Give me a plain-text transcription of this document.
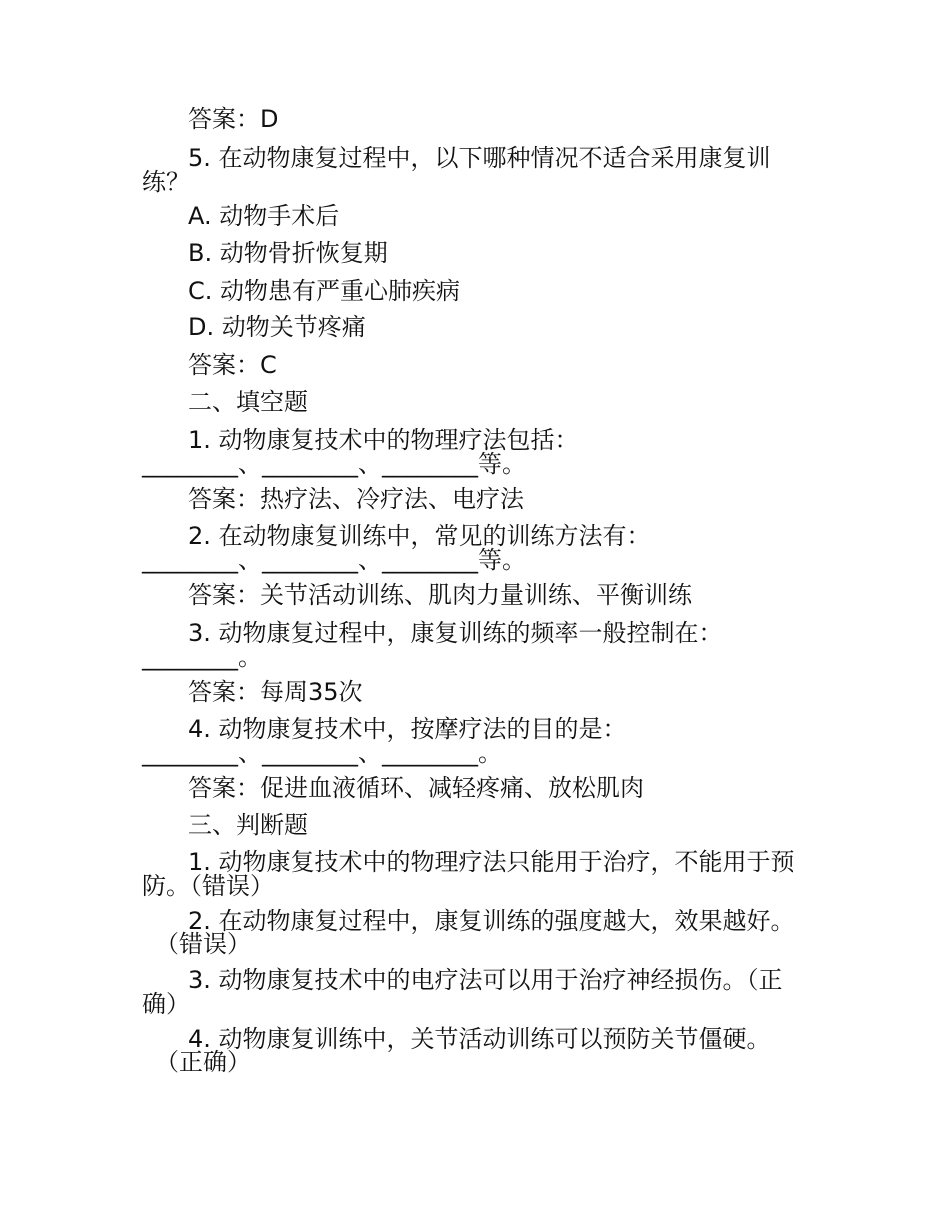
答案：D
5. 在动物康复过程中，以下哪种情况不适合采用康复训
练？
A. 动物手术后
B. 动物骨折恢复期
C. 动物患有严重心肺疾病
D. 动物关节疼痛
答案：C
二、填空题
1. 动物康复技术中的物理疗法包括：
________、________、________等。
答案：热疗法、冷疗法、电疗法
2. 在动物康复训练中，常见的训练方法有：
________、________、________等。
答案：关节活动训练、肌肉力量训练、平衡训练
3. 动物康复过程中，康复训练的频率一般控制在：
________。
答案：每周35次
4. 动物康复技术中，按摩疗法的目的是：
________、________、________。
答案：促进血液循环、减轻疼痛、放松肌肉
三、判断题
1. 动物康复技术中的物理疗法只能用于治疗，不能用于预
防。（错误）
2. 在动物康复过程中，康复训练的强度越大，效果越好。
（错误）
3. 动物康复技术中的电疗法可以用于治疗神经损伤。（正
确）
4. 动物康复训练中，关节活动训练可以预防关节僵硬。
（正确）
